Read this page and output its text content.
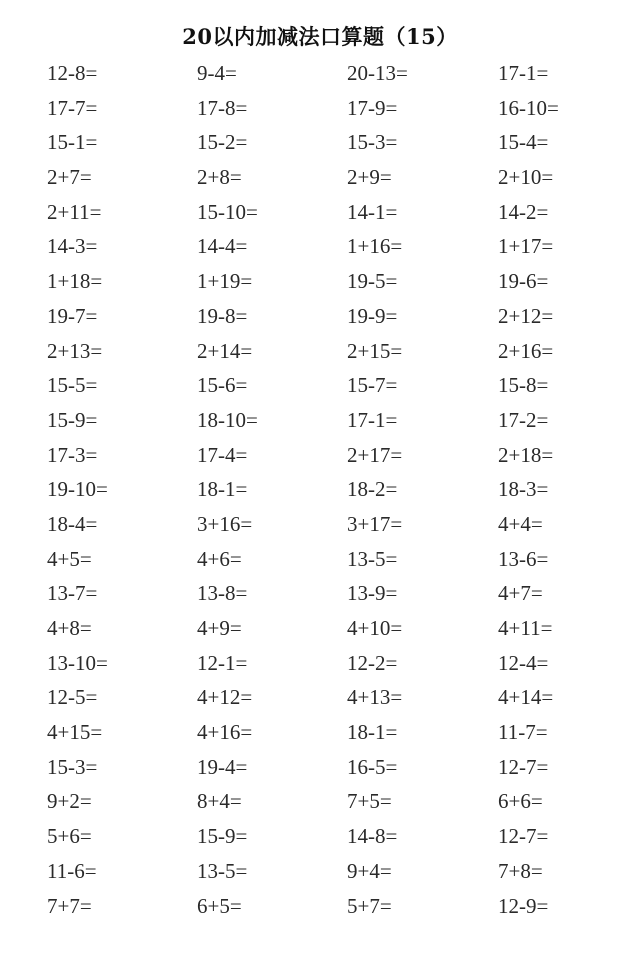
20以内加减法口算题（15）
12-8=	9-4=	20-13=	17-1=
17-7=	17-8=	17-9=	16-10=
15-1=	15-2=	15-3=	15-4=
2+7=	2+8=	2+9=	2+10=
2+11=	15-10=	14-1=	14-2=
14-3=	14-4=	1+16=	1+17=
1+18=	1+19=	19-5=	19-6=
19-7=	19-8=	19-9=	2+12=
2+13=	2+14=	2+15=	2+16=
15-5=	15-6=	15-7=	15-8=
15-9=	18-10=	17-1=	17-2=
17-3=	17-4=	2+17=	2+18=
19-10=	18-1=	18-2=	18-3=
18-4=	3+16=	3+17=	4+4=
4+5=	4+6=	13-5=	13-6=
13-7=	13-8=	13-9=	4+7=
4+8=	4+9=	4+10=	4+11=
13-10=	12-1=	12-2=	12-4=
12-5=	4+12=	4+13=	4+14=
4+15=	4+16=	18-1=	11-7=
15-3=	19-4=	16-5=	12-7=
9+2=	8+4=	7+5=	6+6=
5+6=	15-9=	14-8=	12-7=
11-6=	13-5=	9+4=	7+8=
7+7=	6+5=	5+7=	12-9=
